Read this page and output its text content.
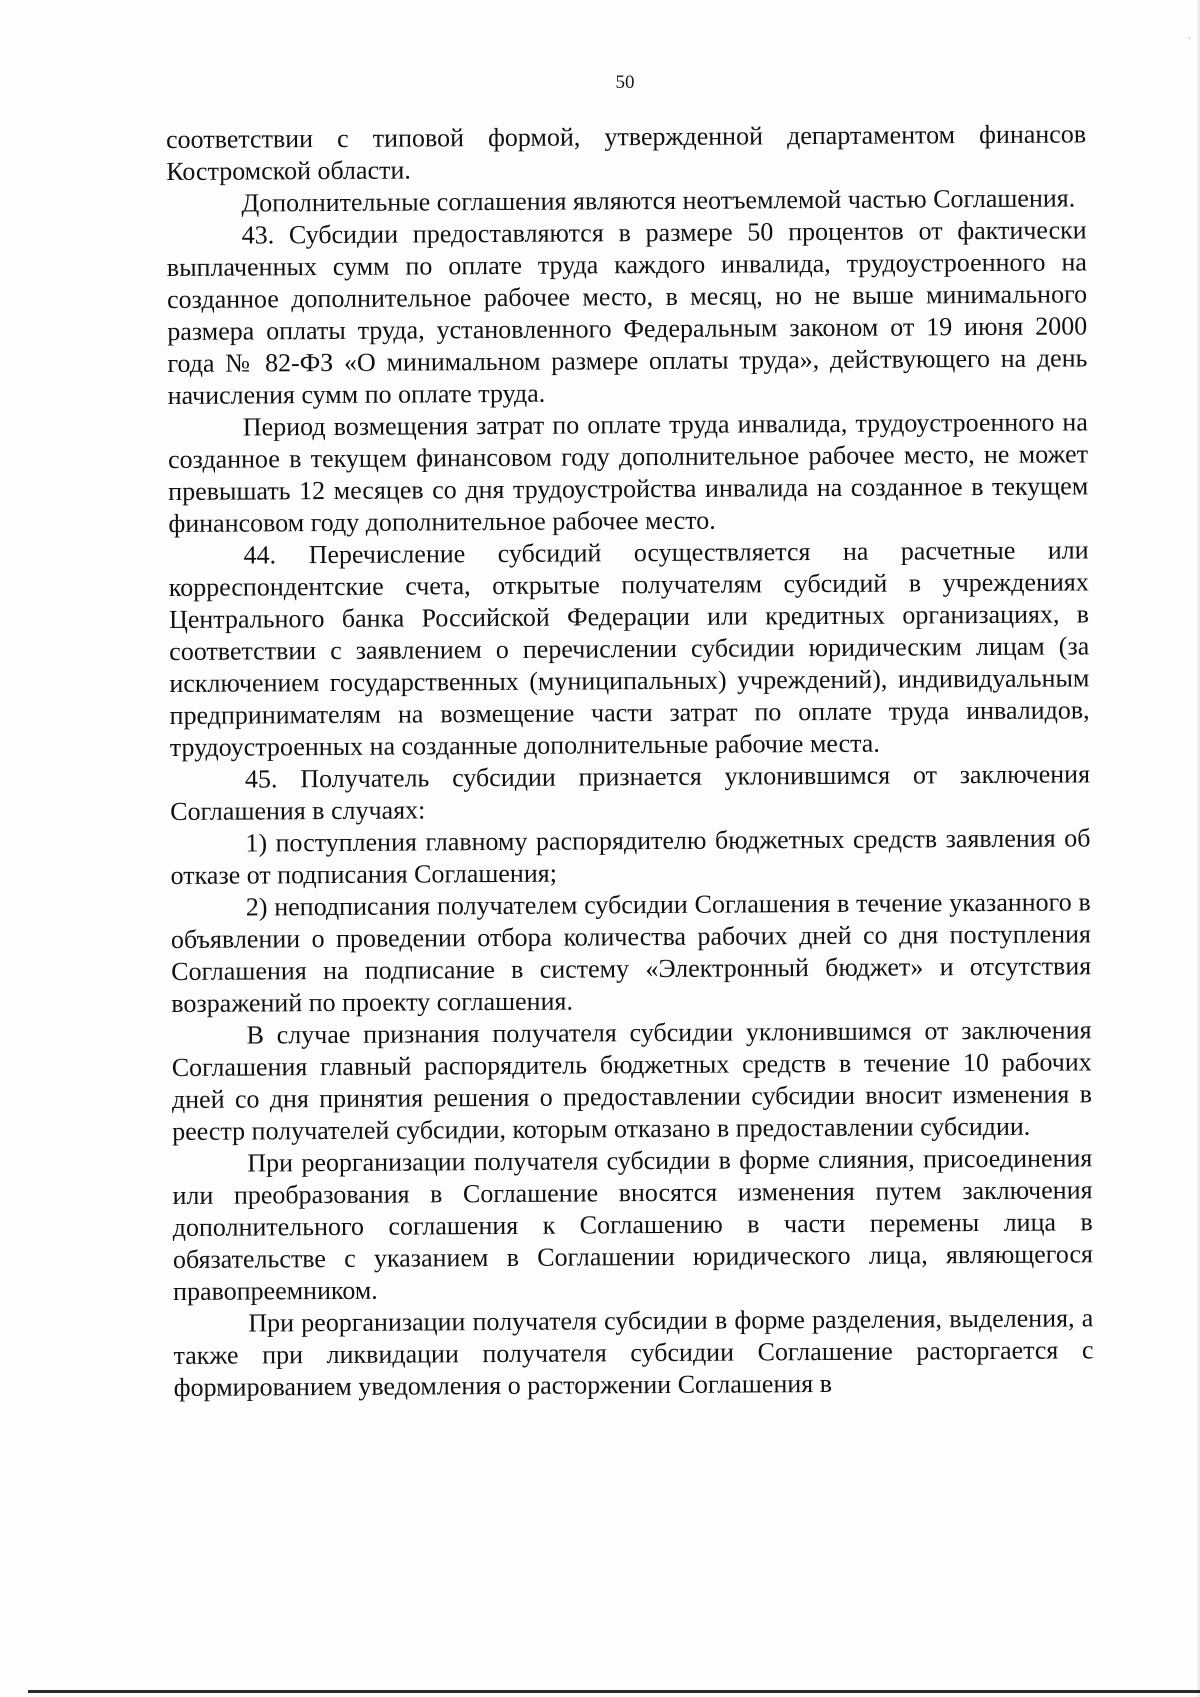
·
50

соответствии с типовой формой, утвержденной департаментом финансов Костромской области.

Дополнительные соглашения являются неотъемлемой частью Соглашения.

43. Субсидии предоставляются в размере 50 процентов от фактически выплаченных сумм по оплате труда каждого инвалида, трудоустроенного на созданное дополнительное рабочее место, в месяц, но не выше минимального размера оплаты труда, установленного Федеральным законом от 19 июня 2000 года № 82-ФЗ «О минимальном размере оплаты труда», действующего на день начисления сумм по оплате труда.

Период возмещения затрат по оплате труда инвалида, трудоустроенного на созданное в текущем финансовом году дополнительное рабочее место, не может превышать 12 месяцев со дня трудоустройства инвалида на созданное в текущем финансовом году дополнительное рабочее место.

44. Перечисление субсидий осуществляется на расчетные или корреспондентские счета, открытые получателям субсидий в учреждениях Центрального банка Российской Федерации или кредитных организациях, в соответствии с заявлением о перечислении субсидии юридическим лицам (за исключением государственных (муниципальных) учреждений), индивидуальным предпринимателям на возмещение части затрат по оплате труда инвалидов, трудоустроенных на созданные дополнительные рабочие места.

45. Получатель субсидии признается уклонившимся от заключения Соглашения в случаях:

1) поступления главному распорядителю бюджетных средств заявления об отказе от подписания Соглашения;

2) неподписания получателем субсидии Соглашения в течение указанного в объявлении о проведении отбора количества рабочих дней со дня поступления Соглашения на подписание в систему «Электронный бюджет» и отсутствия возражений по проекту соглашения.

В случае признания получателя субсидии уклонившимся от заключения Соглашения главный распорядитель бюджетных средств в течение 10 рабочих дней со дня принятия решения о предоставлении субсидии вносит изменения в реестр получателей субсидии, которым отказано в предоставлении субсидии.

При реорганизации получателя субсидии в форме слияния, присоединения или преобразования в Соглашение вносятся изменения путем заключения дополнительного соглашения к Соглашению в части перемены лица в обязательстве с указанием в Соглашении юридического лица, являющегося правопреемником.

При реорганизации получателя субсидии в форме разделения, выделения, а также при ликвидации получателя субсидии Соглашение расторгается с формированием уведомления о расторжении Соглашения в
